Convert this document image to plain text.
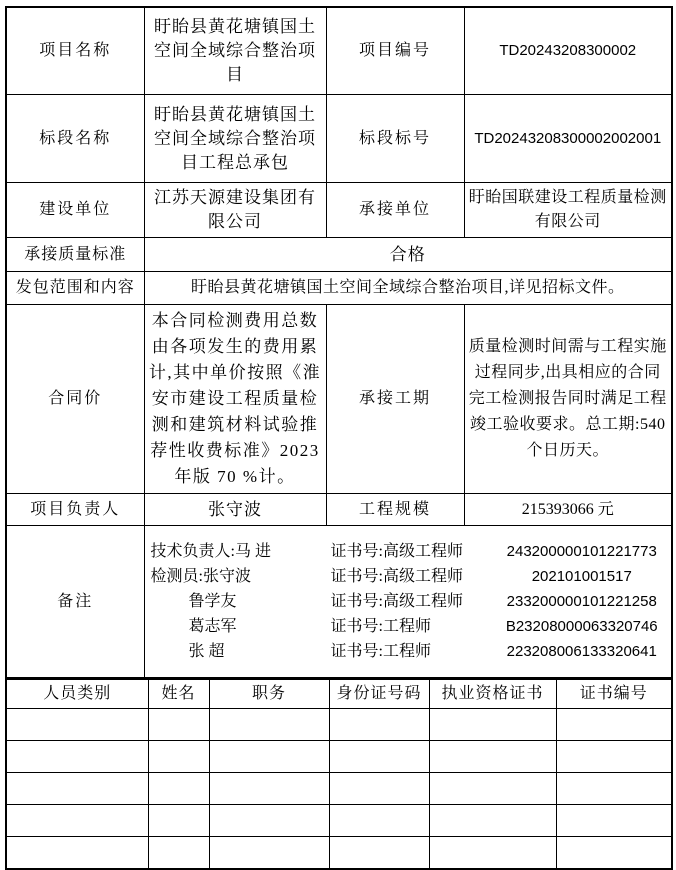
项目名称	盱眙县黄花塘镇国土空间全域综合整治项目	项目编号	TD20243208300002
标段名称	盱眙县黄花塘镇国土空间全域综合整治项目工程总承包	标段标号	TD20243208300002002001
建设单位	江苏天源建设集团有限公司	承接单位	盱眙国联建设工程质量检测有限公司
承接质量标准	合格		
发包范围和内容	盱眙县黄花塘镇国土空间全域综合整治项目,详见招标文件。		
合同价	本合同检测费用总数由各项发生的费用累计,其中单价按照《淮安市建设工程质量检测和建筑材料试验推荐性收费标准》2023年版 70 %计。	承接工期	质量检测时间需与工程实施过程同步,出具相应的合同完工检测报告同时满足工程竣工验收要求。总工期:540 个日历天。
项目负责人	张守波	工程规模	215393066 元
备注	
技术负责人:马 进	证书号:高级工程师	243200000101221773
检测员:张守波	证书号:高级工程师	202101001517
鲁学友	证书号:高级工程师	233200000101221258
葛志军	证书号:工程师	B23208000063320746
张 超	证书号:工程师	223208006133320641
人员类别	姓名	职务	身份证号码	执业资格证书	证书编号
